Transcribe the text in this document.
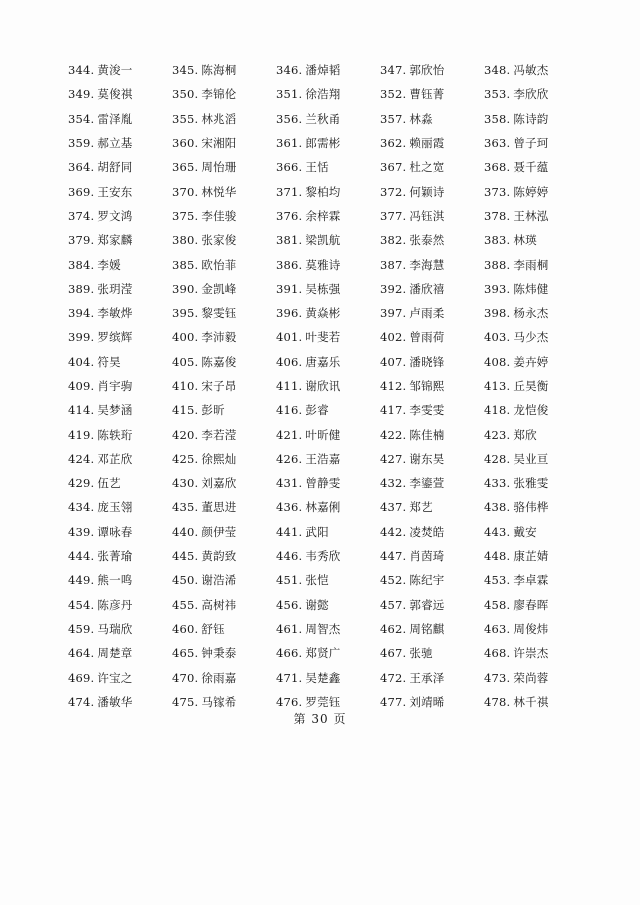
344. 黄浚一	345. 陈海桐	346. 潘焯韬	347. 郭欣怡	348. 冯敏杰
349. 莫俊祺	350. 李锦伦	351. 徐浩翔	352. 曹钰菁	353. 李欣欣
354. 雷泽胤	355. 林兆滔	356. 兰秋甬	357. 林淼	358. 陈诗韵
359. 郝立基	360. 宋湘阳	361. 郎需彬	362. 赖丽霞	363. 曾子珂
364. 胡舒同	365. 周怡珊	366. 王恬	367. 杜之宽	368. 聂千蕴
369. 王安东	370. 林悦华	371. 黎柏均	372. 何颖诗	373. 陈婷婷
374. 罗文鸿	375. 李佳骏	376. 余梓霖	377. 冯钰淇	378. 王林泓
379. 郑家麟	380. 张家俊	381. 梁凯航	382. 张泰然	383. 林瑛
384. 李媛	385. 欧怡菲	386. 莫雅诗	387. 李海慧	388. 李雨桐
389. 张玥滢	390. 金凯峰	391. 吴栋强	392. 潘欣禧	393. 陈炜健
394. 李敏烨	395. 黎雯钰	396. 黄焱彬	397. 卢雨柔	398. 杨永杰
399. 罗缤辉	400. 李沛毅	401. 叶斐若	402. 曾雨荷	403. 马少杰
404. 符昊	405. 陈嘉俊	406. 唐嘉乐	407. 潘晓锋	408. 姜卉婷
409. 肖宇驹	410. 宋子昂	411. 谢欣讯	412. 邹锦熙	413. 丘昊衡
414. 吴梦涵	415. 彭昕	416. 彭睿	417. 李雯雯	418. 龙恺俊
419. 陈轶珩	420. 李若滢	421. 叶昕健	422. 陈佳楠	423. 郑欣
424. 邓芷欣	425. 徐熙灿	426. 王浩嘉	427. 谢东昊	428. 吴业亘
429. 伍艺	430. 刘嘉欣	431. 曾静雯	432. 李鎏萱	433. 张雅雯
434. 庞玉翎	435. 董思进	436. 林嘉俐	437. 郑艺	438. 骆伟桦
439. 谭咏春	440. 颜伊莹	441. 武阳	442. 凌焚皓	443. 戴安
444. 张菁瑜	445. 黄韵致	446. 韦秀欣	447. 肖茵琦	448. 康芷婧
449. 熊一鸣	450. 谢浩浠	451. 张恺	452. 陈纪宇	453. 李卓霖
454. 陈彦丹	455. 高树祎	456. 谢懿	457. 郭睿远	458. 廖春晖
459. 马瑞欣	460. 舒钰	461. 周智杰	462. 周铭麒	463. 周俊炜
464. 周楚章	465. 钟秉泰	466. 郑贤广	467. 张驰	468. 许崇杰
469. 许宝之	470. 徐雨嘉	471. 吴楚鑫	472. 王承泽	473. 荣尚蓉
474. 潘敏华	475. 马镓希	476. 罗莞钰	477. 刘靖晞	478. 林千祺
第 30 页
